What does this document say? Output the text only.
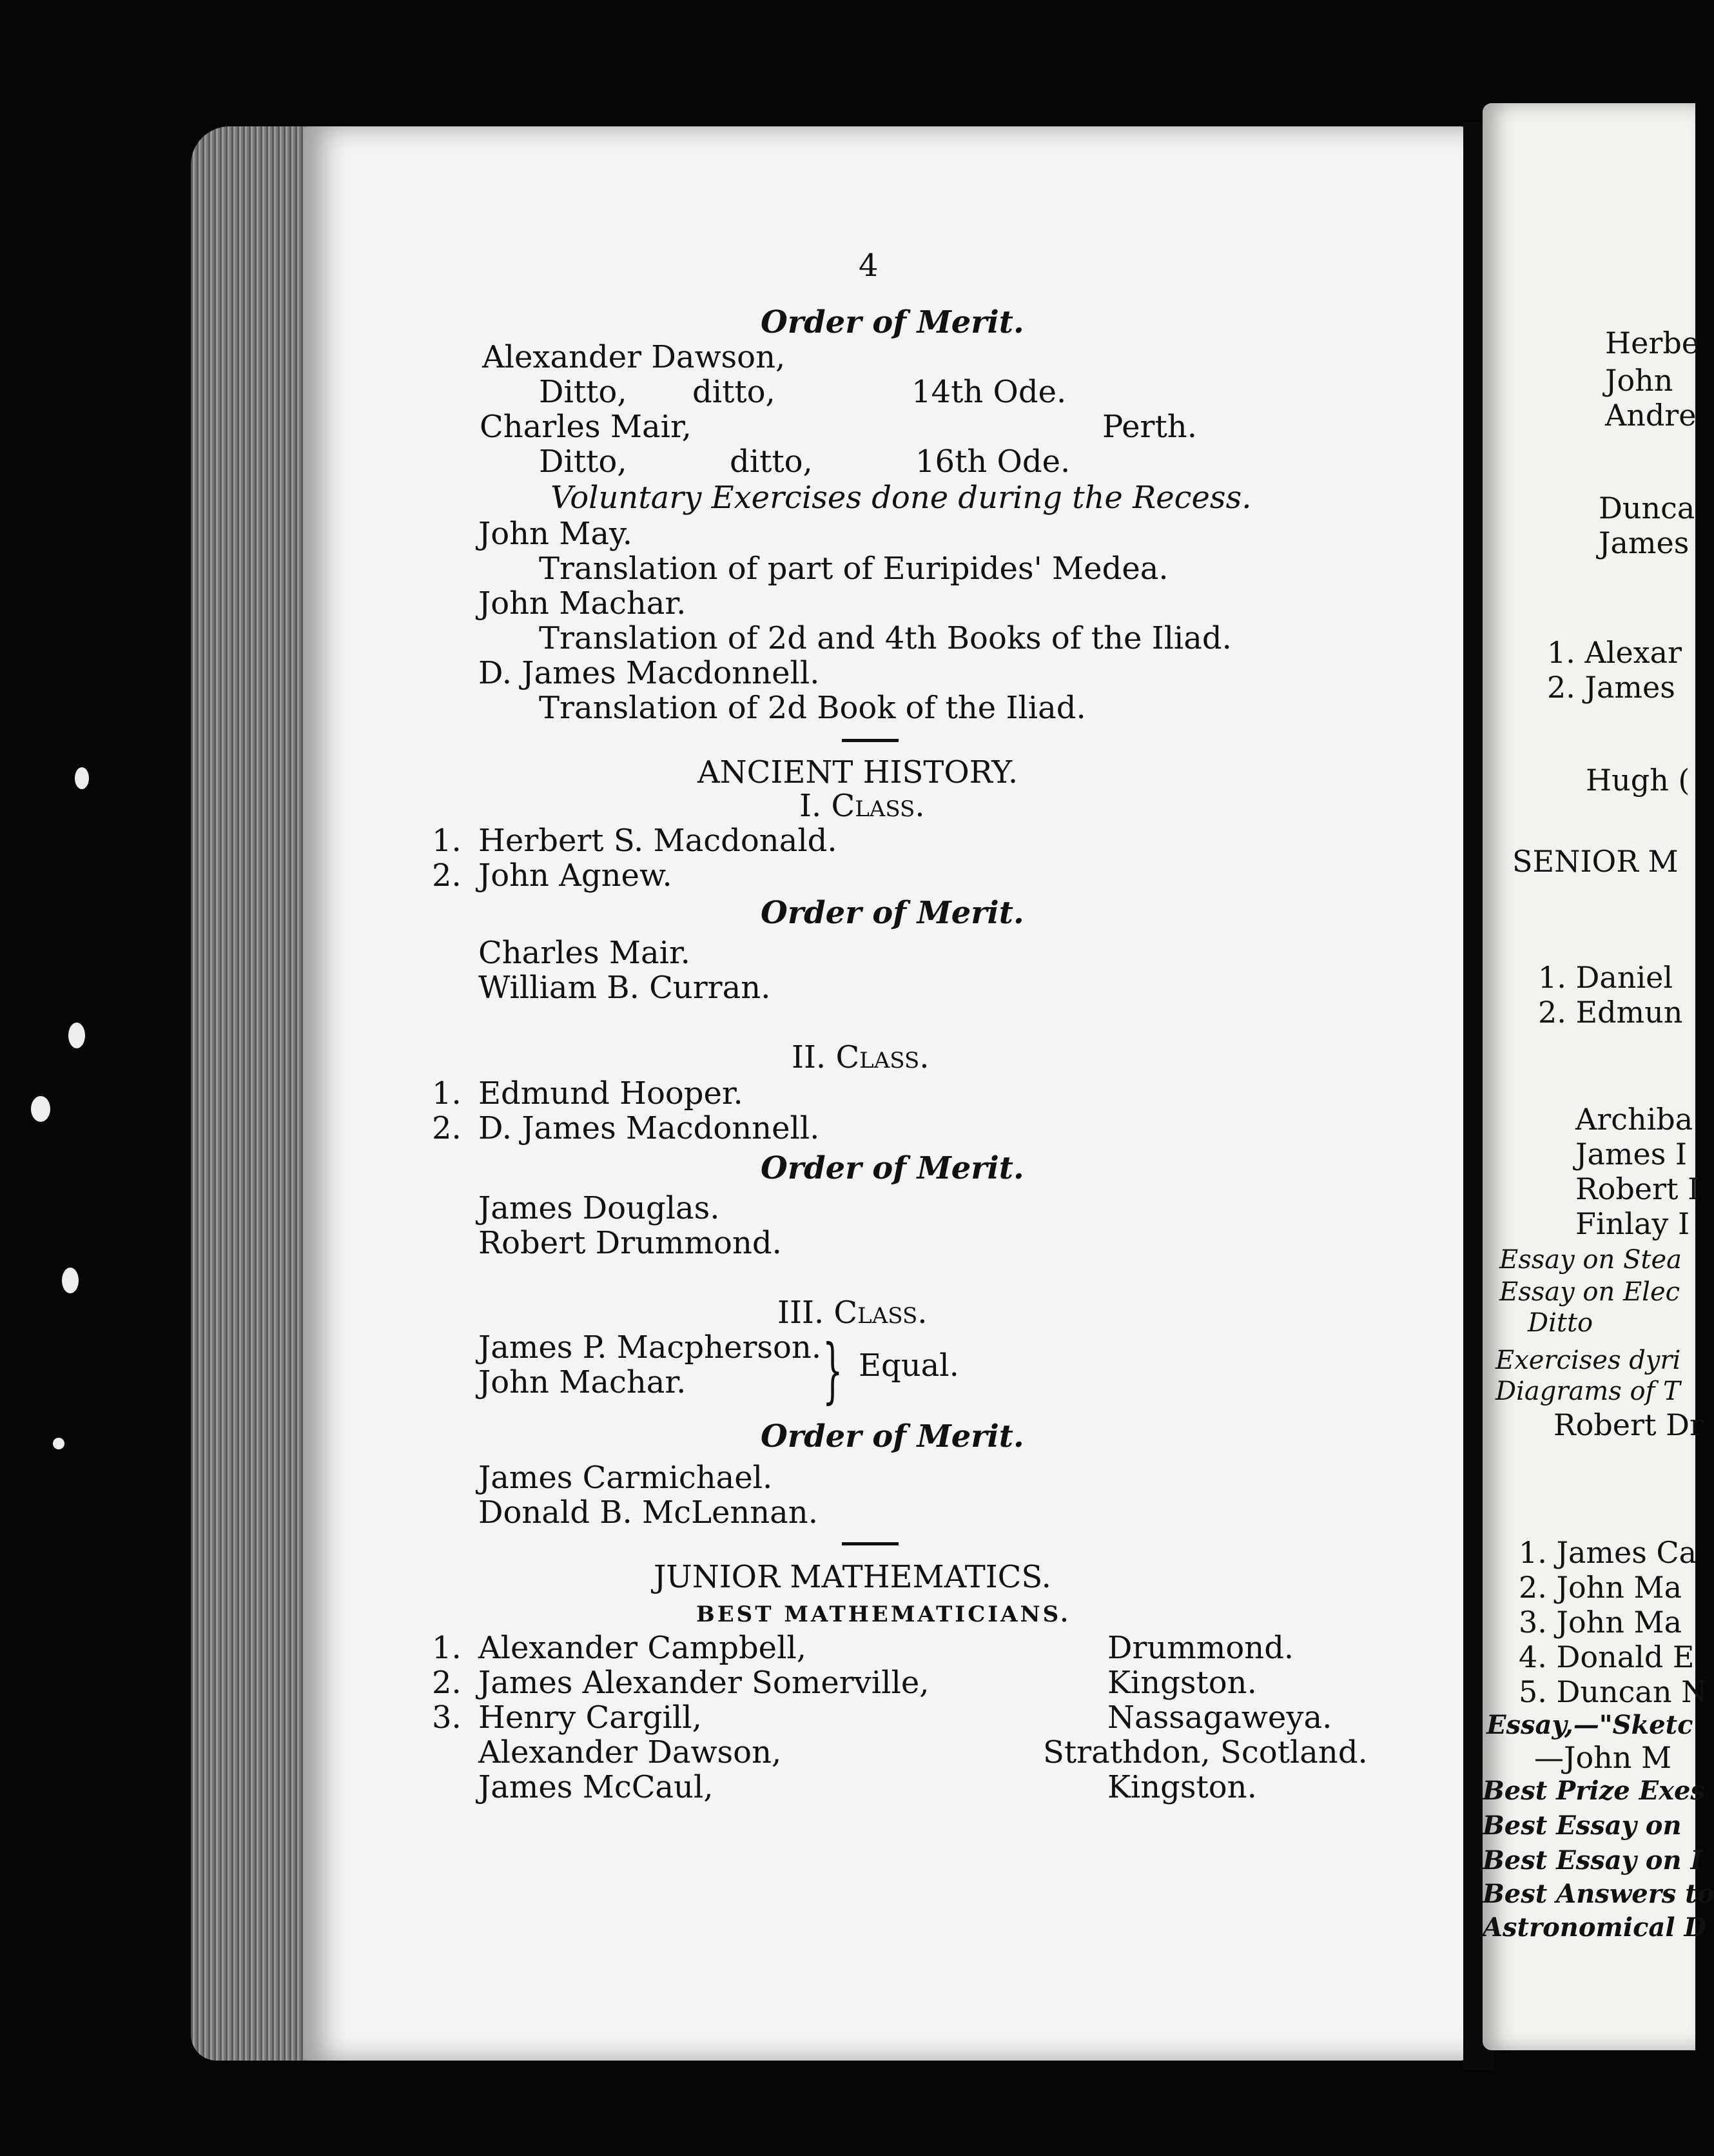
4
Order of Merit.
Alexander Dawson,
Ditto, ditto,	14th Ode.
Charles Mair,	Perth.
Ditto,	ditto,	16th Ode.
Voluntary Exercises done during the Recess.
John May.
Translation of part of Euripides' Medea.
John Machar.
Translation of 2d and 4th Books of the Iliad.
D. James Macdonnell.
Translation of 2d Book of the Iliad.
ANCIENT HISTORY.
I. Class.
1. Herbert S. Macdonald.
2. John Agnew.
Order of Merit.
Charles Mair.
William B. Curran.
II. Class.
1. Edmund Hooper.
2. D. James Macdonnell.
Order of Merit.
James Douglas.
Robert Drummond.
III. Class.
James P. Macpherson.
John Machar. } Equal.
Order of Merit.
James Carmichael.
Donald B. McLennan.
JUNIOR MATHEMATICS.
BEST MATHEMATICIANS.
1. Alexander Campbell,	Drummond.
2. James Alexander Somerville,	Kingston.
3. Henry Cargill,	Nassagaweya.
Alexander Dawson,	Strathdon, Scotland.
James McCaul,	Kingston.
Herbe
John
Andre
Dunca
James
1. Alexar
2. James
Hugh (
SENIOR M
1. Daniel
2. Edmun
Archiba
James I
Robert I
Finlay I
Essay on Stea
Essay on Elec
Ditto
Exercises dyri
Diagrams of T
Robert Dr
1. James Ca
2. John Ma
3. John Ma
4. Donald E
5. Duncan N
Essay,—"Sketc
—John M
Best Prize Exes
Best Essay on
Best Essay on I
Best Answers to
Astronomical D
